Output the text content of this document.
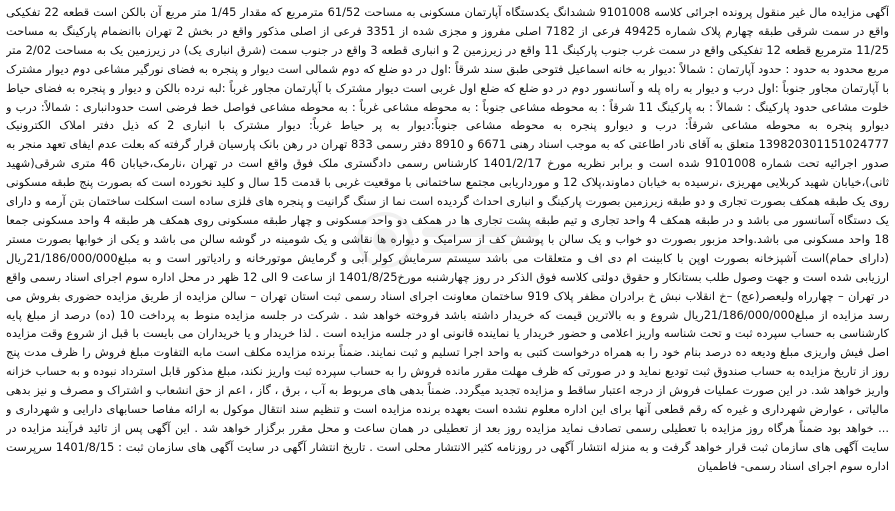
آگهی مزایده مال غیر منقول پرونده اجرائی کلاسه 9101008 ششدانگ یکدستگاه آپارتمان مسکونی به مساحت 61/52 مترمربع که مقدار 1/45 متر مربع آن بالکن است قطعه 22 تفکیکی واقع در سمت شرقی طبقه چهارم پلاک شماره 49425 فرعی از 7182 اصلی مفروز و مجزی شده از 3351 فرعی از اصلی مذکور واقع در بخش 2 تهران باانضمام پارکینگ به مساحت 11/25 مترمربع قطعه 12 تفکیکی واقع در سمت غرب جنوب پارکینگ 11 واقع در زیرزمین 2 و انباری قطعه 3 واقع در جنوب سمت (شرق انباری یک) در زیرزمین یک به مساحت 2/02 متر مربع محدود به حدود : حدود آپارتمان : شمالاً :دیوار به خانه اسماعیل فتوحی طبق سند شرقاً :اول در دو ضلع که دوم شمالی است دیوار و پنجره به فضای نورگیر مشاعی دوم دیوار مشترک با آپارتمان مجاور جنوباً :اول درب و دیوار به راه پله و آسانسور دوم در دو ضلع که ضلع اول غربی است دیوار مشترک با آپارتمان مجاور غرباً :لبه نرده بالکن و دیوار و پنجره به فضای حیاط خلوت مشاعی حدود پارکینگ : شمالاً : به پارکینگ 11 شرقاً : به محوطه مشاعی جنوباً : به محوطه مشاعی غرباً : به محوطه مشاعی فواصل خط فرضی است حدودانباری : شمالاً: درب و دیوارو پنجره به محوطه مشاعی شرقاً: درب و دیوارو پنجره به محوطه مشاعی جنوباً:دیوار به پر حیاط غرباً: دیوار مشترک با انباری 2 که ذیل دفتر املاک الکترونیک 139820301151024777 متعلق به آقای نادر اطاعتی که به موجب اسناد رهنی 6671 و 8910 دفتر رسمی 833 تهران در رهن بانک پارسیان قرار گرفته که بعلت عدم ایفای تعهد منجر به صدور اجرائیه تحت شماره 9101008 شده است و برابر نظریه مورخ 1401/2/17 کارشناس رسمی دادگستری ملک فوق واقع است در تهران ،نارمک،خیابان 46 متری شرقی(شهید ثانی)،خیابان شهید کربلایی مهریزی ،نرسیده به خیابان دماوند،پلاک 12 و مورداریابی مجتمع ساختمانی با موقعیت غربی با قدمت 15 سال و کلید نخورده است که بصورت پنج طبقه مسکونی روی یک طبقه همکف بصورت تجاری و دو طبقه زیرزمین بصورت پارکینگ و انباری احداث گردیده است نما از سنگ گرانیت و پنجره های فلزی ساده است اسکلت ساختمان بتن آرمه و دارای یک دستگاه آسانسور می باشد و در طبقه همکف 4 واحد تجاری و تیم طبقه پشت تجاری ها در همکف دو واحد مسکونی و چهار طبقه مسکونی روی همکف هر طبقه 4 واحد مسکونی جمعا 18 واحد مسکونی می باشد.واحد مزبور بصورت دو خواب و یک سالن با پوشش کف از سرامیک و دیواره ها نقاشی و یک شومینه در گوشه سالن می باشد و یکی از خوابها بصورت مستر (دارای حمام)است آشپزخانه بصورت اوپن با کابینت ام دی اف و متعلقات می باشد سیستم سرمایش کولر آبی و گرمایش موتورخانه و رادیاتور است و به مبلغ21/186/000/000ریال ارزیابی شده است و جهت وصول طلب بستانکار و حقوق دولتی کلاسه فوق الذکر در روز چهارشنبه مورخ1401/8/25 از ساعت 9 الی 12 ظهر در محل اداره سوم اجرای اسناد رسمی واقع در تهران – چهارراه ولیعصر(عج) –خ انقلاب نبش خ برادران مظفر پلاک 919 ساختمان معاونت اجرای اسناد رسمی ثبت استان تهران – سالن مزایده از طریق مزایده حضوری بفروش می رسد مزایده از مبلغ21/186/000/000ریال شروع و به بالاترین قیمت که خریدار داشته باشد فروخته خواهد شد . شرکت در جلسه مزایده منوط به پرداخت 10 (ده) درصد از مبلغ پایه کارشناسی به حساب سپرده ثبت و تحت شناسه واریز اعلامی و حضور خریدار یا نماینده قانونی او در جلسه مزایده است . لذا خریدار و یا خریداران می بایست با قبل از شروع وقت مزایده اصل فیش واریزی مبلغ ودیعه ده درصد بنام خود را به همراه درخواست کتبی به واحد اجرا تسلیم و ثبت نمایند. ضمناً برنده مزایده مکلف است مابه التفاوت مبلغ فروش را ظرف مدت پنج روز از تاریخ مزایده به حساب صندوق ثبت تودیع نماید و در صورتی که ظرف مهلت مقرر مانده فروش را به حساب سپرده ثبت واریز نکند، مبلغ مذکور قابل استرداد نبوده و به حساب خزانه واریز خواهد شد. در این صورت عملیات فروش از درجه اعتبار ساقط و مزایده تجدید میگردد. ضمناً بدهی های مربوط به آب ، برق ، گاز ، اعم از حق انشعاب و اشتراک و مصرف و نیز بدهی مالیاتی ، عوارض شهرداری و غیره که رقم قطعی آنها برای این اداره معلوم نشده است بعهده برنده مزایده است و تنظیم سند انتقال موکول به ارائه مفاصا حسابهای دارایی و شهرداری و ... خواهد بود ضمناً هرگاه روز مزایده با تعطیلی رسمی تصادف نماید مزایده روز بعد از تعطیلی در همان ساعت و محل مقرر برگزار خواهد شد . این آگهی پس از تائید فرآیند مزایده در سایت آگهی های سازمان ثبت قرار خواهد گرفت و به منزله انتشار آگهی در روزنامه کثیر الانتشار محلی است . تاریخ انتشار آگهی در سایت آگهی های سازمان ثبت : 1401/8/15 سرپرست اداره سوم اجرای اسناد رسمی- فاطمیان
